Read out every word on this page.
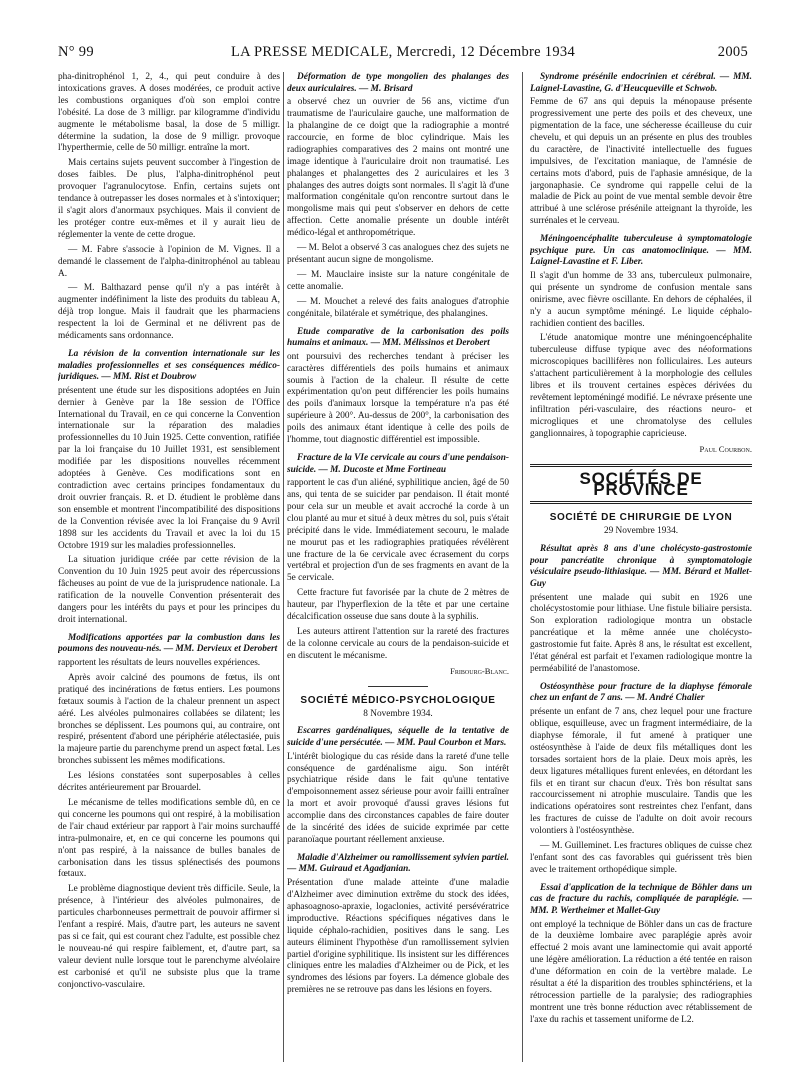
N° 99	LA PRESSE MEDICALE, Mercredi, 12 Décembre 1934	2005

pha-dinitrophénol 1, 2, 4., qui peut conduire à des intoxications graves. A doses modérées, ce produit active les combustions organiques d'où son emploi contre l'obésité. La dose de 3 milligr. par kilogramme d'individu augmente le métabolisme basal, la dose de 5 milligr. détermine la sudation, la dose de 9 milligr. provoque l'hyperthermie, celle de 50 milligr. entraîne la mort.

Mais certains sujets peuvent succomber à l'ingestion de doses faibles. De plus, l'alpha-dinitrophénol peut provoquer l'agranulocytose. Enfin, certains sujets ont tendance à outrepasser les doses normales et à s'intoxiquer; il s'agit alors d'anormaux psychiques. Mais il convient de les protéger contre eux-mêmes et il y aurait lieu de réglementer la vente de cette drogue.

— M. Fabre s'associe à l'opinion de M. Vignes. Il a demandé le classement de l'alpha-dinitrophénol au tableau A.

— M. Balthazard pense qu'il n'y a pas intérêt à augmenter indéfiniment la liste des produits du tableau A, déjà trop longue. Mais il faudrait que les pharmaciens respectent la loi de Germinal et ne délivrent pas de médicaments sans ordonnance.

La révision de la convention internationale sur les maladies professionnelles et ses conséquences médico-juridiques. — MM. Rist et Doubrow

présentent une étude sur les dispositions adoptées en Juin dernier à Genève par la 18e session de l'Office International du Travail, en ce qui concerne la Convention internationale sur la réparation des maladies professionnelles du 10 Juin 1925. Cette convention, ratifiée par la loi française du 10 Juillet 1931, est sensiblement modifiée par les dispositions nouvelles récemment adoptées à Genève. Ces modifications sont en contradiction avec certains principes fondamentaux du droit ouvrier français. R. et D. étudient le problème dans son ensemble et montrent l'incompatibilité des dispositions de la Convention révisée avec la loi Française du 9 Avril 1898 sur les accidents du Travail et avec la loi du 15 Octobre 1919 sur les maladies professionnelles.

La situation juridique créée par cette révision de la Convention du 10 Juin 1925 peut avoir des répercussions fâcheuses au point de vue de la jurisprudence nationale. La ratification de la nouvelle Convention présenterait des dangers pour les intérêts du pays et pour les principes du droit international.

Modifications apportées par la combustion dans les poumons des nouveau-nés. — MM. Dervieux et Derobert

rapportent les résultats de leurs nouvelles expériences.

Après avoir calciné des poumons de fœtus, ils ont pratiqué des incinérations de fœtus entiers. Les poumons fœtaux soumis à l'action de la chaleur prennent un aspect aéré. Les alvéoles pulmonaires collabées se dilatent; les bronches se déplissent. Les poumons qui, au contraire, ont respiré, présentent d'abord une périphérie atélectasiée, puis la majeure partie du parenchyme prend un aspect fœtal. Les bronches subissent les mêmes modifications.

Les lésions constatées sont superposables à celles décrites antérieurement par Brouardel.

Le mécanisme de telles modifications semble dû, en ce qui concerne les poumons qui ont respiré, à la mobilisation de l'air chaud extérieur par rapport à l'air moins surchauffé intra-pulmonaire, et, en ce qui concerne les poumons qui n'ont pas respiré, à la naissance de bulles banales de carbonisation dans les tissus splénectisés des poumons fœtaux.

Le problème diagnostique devient très difficile. Seule, la présence, à l'intérieur des alvéoles pulmonaires, de particules charbonneuses permettrait de pouvoir affirmer si l'enfant a respiré. Mais, d'autre part, les auteurs ne savent pas si ce fait, qui est courant chez l'adulte, est possible chez le nouveau-né qui respire faiblement, et, d'autre part, sa valeur devient nulle lorsque tout le parenchyme alvéolaire est carbonisé et qu'il ne subsiste plus que la trame conjonctivo-vasculaire.

Déformation de type mongolien des phalanges des deux auriculaires. — M. Brisard

a observé chez un ouvrier de 56 ans, victime d'un traumatisme de l'auriculaire gauche, une malformation de la phalangine de ce doigt que la radiographie a montré raccourcie, en forme de bloc cylindrique. Mais les radiographies comparatives des 2 mains ont montré une image identique à l'auriculaire droit non traumatisé. Les phalanges et phalangettes des 2 auriculaires et les 3 phalanges des autres doigts sont normales. Il s'agit là d'une malformation congénitale qu'on rencontre surtout dans le mongolisme mais qui peut s'observer en dehors de cette affection. Cette anomalie présente un double intérêt médico-légal et anthropométrique.

— M. Belot a observé 3 cas analogues chez des sujets ne présentant aucun signe de mongolisme.

— M. Mauclaire insiste sur la nature congénitale de cette anomalie.

— M. Mouchet a relevé des faits analogues d'atrophie congénitale, bilatérale et symétrique, des phalangines.

Etude comparative de la carbonisation des poils humains et animaux. — MM. Mélissinos et Derobert

ont poursuivi des recherches tendant à préciser les caractères différentiels des poils humains et animaux soumis à l'action de la chaleur. Il résulte de cette expérimentation qu'on peut différencier les poils humains des poils d'animaux lorsque la température n'a pas été supérieure à 200°. Au-dessus de 200°, la carbonisation des poils des animaux étant identique à celle des poils de l'homme, tout diagnostic différentiel est impossible.

Fracture de la VIe cervicale au cours d'une pendaison-suicide. — M. Ducoste et Mme Fortineau

rapportent le cas d'un aliéné, syphilitique ancien, âgé de 50 ans, qui tenta de se suicider par pendaison. Il était monté pour cela sur un meuble et avait accroché la corde à un clou planté au mur et situé à deux mètres du sol, puis s'était précipité dans le vide. Immédiatement secouru, le malade ne mourut pas et les radiographies pratiquées révélèrent une fracture de la 6e cervicale avec écrasement du corps vertébral et projection d'un de ses fragments en avant de la 5e cervicale.

Cette fracture fut favorisée par la chute de 2 mètres de hauteur, par l'hyperflexion de la tête et par une certaine décalcification osseuse due sans doute à la syphilis.

Les auteurs attirent l'attention sur la rareté des fractures de la colonne cervicale au cours de la pendaison-suicide et en discutent le mécanisme.

Fribourg-Blanc.
SOCIÉTÉ MÉDICO-PSYCHOLOGIQUE
8 Novembre 1934.
Escarres gardénaliques, séquelle de la tentative de suicide d'une persécutée. — MM. Paul Courbon et Mars.

L'intérêt biologique du cas réside dans la rareté d'une telle conséquence de gardénalisme aigu. Son intérêt psychiatrique réside dans le fait qu'une tentative d'empoisonnement assez sérieuse pour avoir failli entraîner la mort et avoir provoqué d'aussi graves lésions fut accomplie dans des circonstances capables de faire douter de la sincérité des idées de suicide exprimée par cette paranoïaque pourtant réellement anxieuse.

Maladie d'Alzheimer ou ramollissement sylvien partiel. — MM. Guiraud et Agadjanian.

Présentation d'une malade atteinte d'une maladie d'Alzheimer avec diminution extrême du stock des idées, aphasoagnoso-apraxie, logaclonies, activité persévératrice improductive. Réactions spécifiques négatives dans le liquide céphalo-rachidien, positives dans le sang. Les auteurs éliminent l'hypothèse d'un ramollissement sylvien partiel d'origine syphilitique. Ils insistent sur les différences cliniques entre les maladies d'Alzheimer ou de Pick, et les syndromes des lésions par foyers. La démence globale des premières ne se retrouve pas dans les lésions en foyers.

Syndrome présénile endocrinien et cérébral. — MM. Laignel-Lavastine, G. d'Heucqueville et Schwob.

Femme de 67 ans qui depuis la ménopause présente progressivement une perte des poils et des cheveux, une pigmentation de la face, une sécheresse écailleuse du cuir chevelu, et qui depuis un an présente en plus des troubles du caractère, de l'inactivité intellectuelle des fugues impulsives, de l'excitation maniaque, de l'amnésie de certains mots d'abord, puis de l'aphasie amnésique, de la jargonaphasie. Ce syndrome qui rappelle celui de la maladie de Pick au point de vue mental semble devoir être attribué à une sclérose présénile atteignant la thyroïde, les surrénales et le cerveau.

Méningoencéphalite tuberculeuse à symptomatologie psychique pure. Un cas anatomoclinique. — MM. Laignel-Lavastine et F. Liber.

Il s'agit d'un homme de 33 ans, tuberculeux pulmonaire, qui présente un syndrome de confusion mentale sans onirisme, avec fièvre oscillante. En dehors de céphalées, il n'y a aucun symptôme méningé. Le liquide céphalo-rachidien contient des bacilles.

L'étude anatomique montre une méningoencéphalite tuberculeuse diffuse typique avec des néoformations microscopiques bacillifères non folliculaires. Les auteurs s'attachent particulièrement à la morphologie des cellules libres et ils trouvent certaines espèces dérivées du revêtement leptoméningé modifié. Le névraxe présente une infiltration péri-vasculaire, des réactions neuro- et microgliques et une chromatolyse des cellules ganglionnaires, à topographie capricieuse.

Paul Courbon.
SOCIÉTÉS DE PROVINCE
SOCIÉTÉ DE CHIRURGIE DE LYON
29 Novembre 1934.
Résultat après 8 ans d'une cholécysto-gastrostomie pour pancréatite chronique à symptomatologie vésiculaire pseudo-lithiasique. — MM. Bérard et Mallet-Guy

présentent une malade qui subit en 1926 une cholécystostomie pour lithiase. Une fistule biliaire persista. Son exploration radiologique montra un obstacle pancréatique et la même année une cholécysto-gastrostomie fut faite. Après 8 ans, le résultat est excellent, l'état général est parfait et l'examen radiologique montre la perméabilité de l'anastomose.

Ostéosynthèse pour fracture de la diaphyse fémorale chez un enfant de 7 ans. — M. André Chalier

présente un enfant de 7 ans, chez lequel pour une fracture oblique, esquilleuse, avec un fragment intermédiaire, de la diaphyse fémorale, il fut amené à pratiquer une ostéosynthèse à l'aide de deux fils métalliques dont les torsades sortaient hors de la plaie. Deux mois après, les deux ligatures métalliques furent enlevées, en détordant les fils et en tirant sur chacun d'eux. Très bon résultat sans raccourcissement ni atrophie musculaire. Tandis que les indications opératoires sont restreintes chez l'enfant, dans les fractures de cuisse de l'adulte on doit avoir recours volontiers à l'ostéosynthèse.

— M. Guilleminet. Les fractures obliques de cuisse chez l'enfant sont des cas favorables qui guérissent très bien avec le traitement orthopédique simple.

Essai d'application de la technique de Böhler dans un cas de fracture du rachis, compliquée de paraplégie. — MM. P. Wertheimer et Mallet-Guy

ont employé la technique de Böhler dans un cas de fracture de la deuxième lombaire avec paraplégie après avoir effectué 2 mois avant une laminectomie qui avait apporté une légère amélioration. La réduction a été tentée en raison d'une déformation en coin de la vertèbre malade. Le résultat a été la disparition des troubles sphinctériens, et la rétrocession partielle de la paralysie; des radiographies montrent une très bonne réduction avec rétablissement de l'axe du rachis et tassement uniforme de L2.
